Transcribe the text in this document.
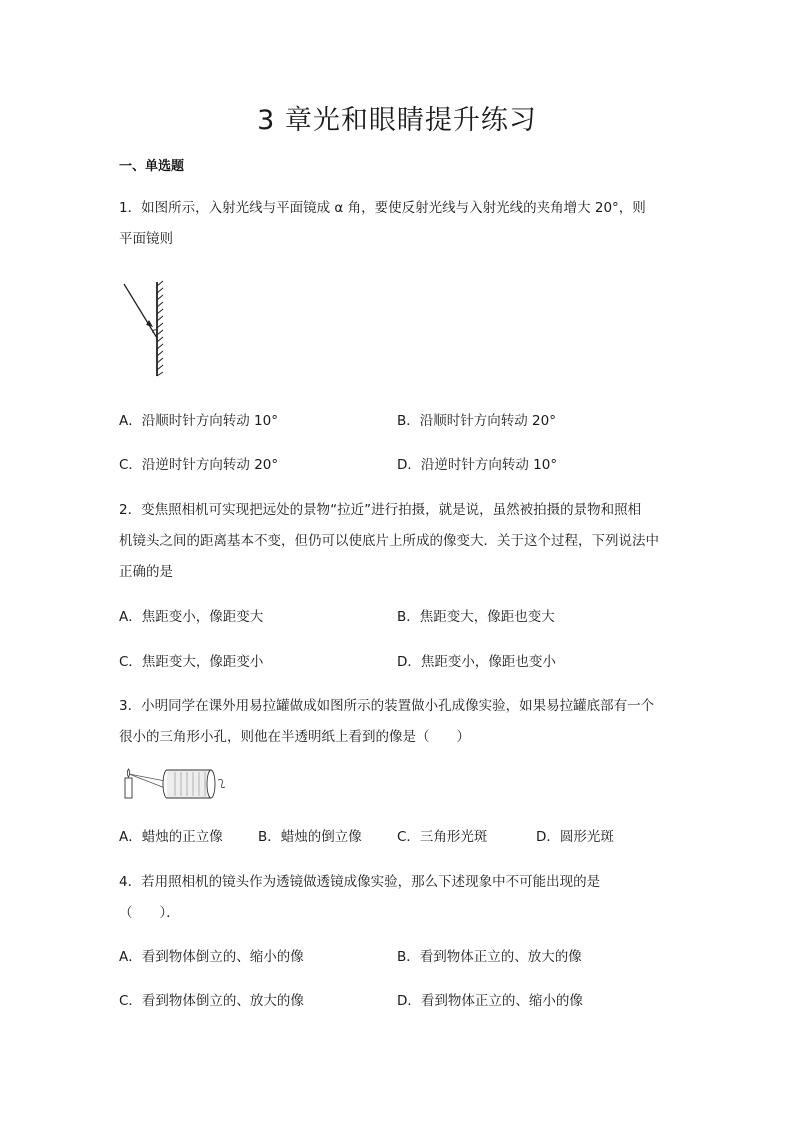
3 章光和眼睛提升练习
一、单选题
1．如图所示，入射光线与平面镜成 α 角，要使反射光线与入射光线的夹角增大 20°，则
平面镜则
A．沿顺时针方向转动 10°	B．沿顺时针方向转动 20°
C．沿逆时针方向转动 20°	D．沿逆时针方向转动 10°
2．变焦照相机可实现把远处的景物“拉近”进行拍摄，就是说，虽然被拍摄的景物和照相
机镜头之间的距离基本不变，但仍可以使底片上所成的像变大．关于这个过程，下列说法中
正确的是
A．焦距变小，像距变大	B．焦距变大，像距也变大
C．焦距变大，像距变小	D．焦距变小，像距也变小
3．小明同学在课外用易拉罐做成如图所示的装置做小孔成像实验，如果易拉罐底部有一个
很小的三角形小孔，则他在半透明纸上看到的像是（　　）
A．蜡烛的正立像	B．蜡烛的倒立像	C．三角形光斑	D．圆形光斑
4．若用照相机的镜头作为透镜做透镜成像实验，那么下述现象中不可能出现的是
（　　）．
A．看到物体倒立的、缩小的像	B．看到物体正立的、放大的像
C．看到物体倒立的、放大的像	D．看到物体正立的、缩小的像
